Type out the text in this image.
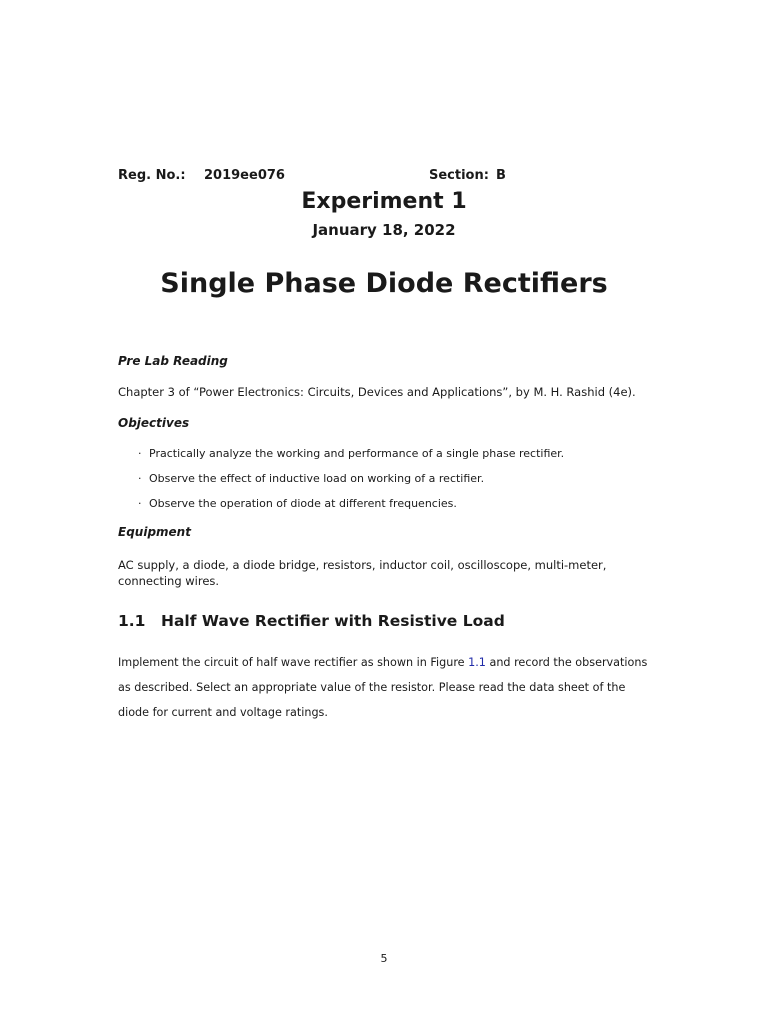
Reg. No.: 2019ee076	Section: B
Experiment 1
January 18, 2022
Single Phase Diode Rectifiers
Pre Lab Reading
Chapter 3 of “Power Electronics: Circuits, Devices and Applications”, by M. H. Rashid (4e).
Objectives
· Practically analyze the working and performance of a single phase rectifier.
· Observe the effect of inductive load on working of a rectifier.
· Observe the operation of diode at different frequencies.
Equipment
AC supply, a diode, a diode bridge, resistors, inductor coil, oscilloscope, multi-meter,
connecting wires.
1.1 Half Wave Rectifier with Resistive Load
Implement the circuit of half wave rectifier as shown in Figure 1.1 and record the observations as described. Select an appropriate value of the resistor. Please read the data sheet of the diode for current and voltage ratings.
5
